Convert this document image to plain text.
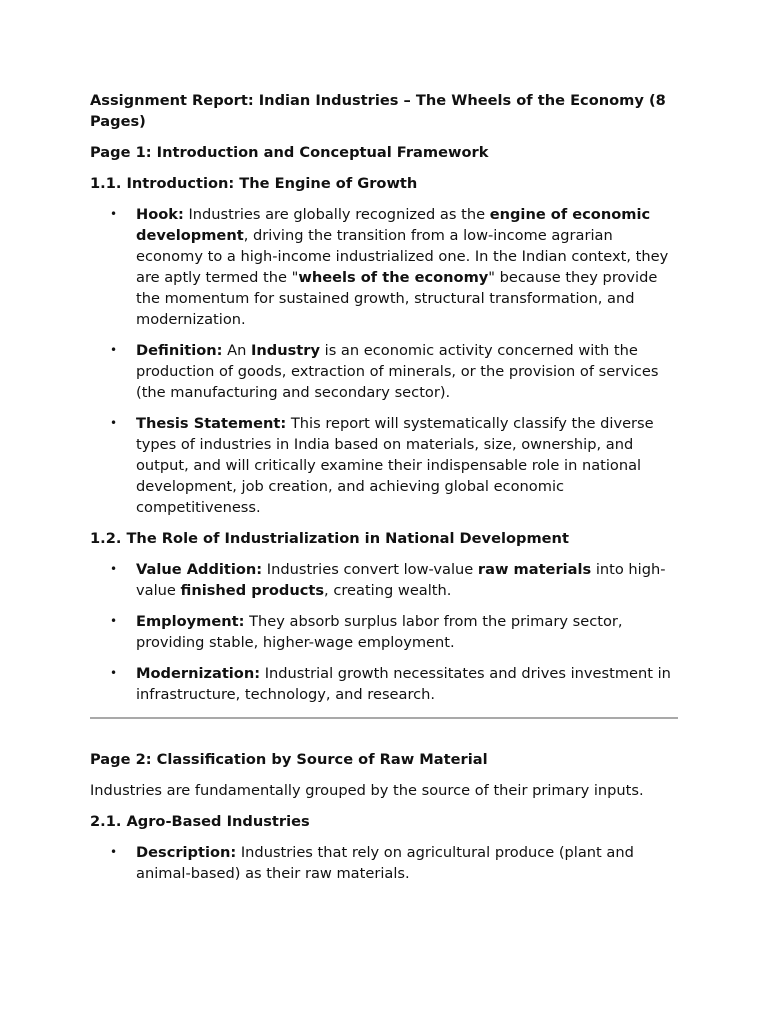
Assignment Report: Indian Industries – The Wheels of the Economy (8 Pages)
Page 1: Introduction and Conceptual Framework
1.1. Introduction: The Engine of Growth
• Hook: Industries are globally recognized as the engine of economic development, driving the transition from a low-income agrarian economy to a high-income industrialized one. In the Indian context, they are aptly termed the "wheels of the economy" because they provide the momentum for sustained growth, structural transformation, and modernization.
• Definition: An Industry is an economic activity concerned with the production of goods, extraction of minerals, or the provision of services (the manufacturing and secondary sector).
• Thesis Statement: This report will systematically classify the diverse types of industries in India based on materials, size, ownership, and output, and will critically examine their indispensable role in national development, job creation, and achieving global economic competitiveness.
1.2. The Role of Industrialization in National Development
• Value Addition: Industries convert low-value raw materials into high-value finished products, creating wealth.
• Employment: They absorb surplus labor from the primary sector, providing stable, higher-wage employment.
• Modernization: Industrial growth necessitates and drives investment in infrastructure, technology, and research.
Page 2: Classification by Source of Raw Material
Industries are fundamentally grouped by the source of their primary inputs.
2.1. Agro-Based Industries
• Description: Industries that rely on agricultural produce (plant and animal-based) as their raw materials.
